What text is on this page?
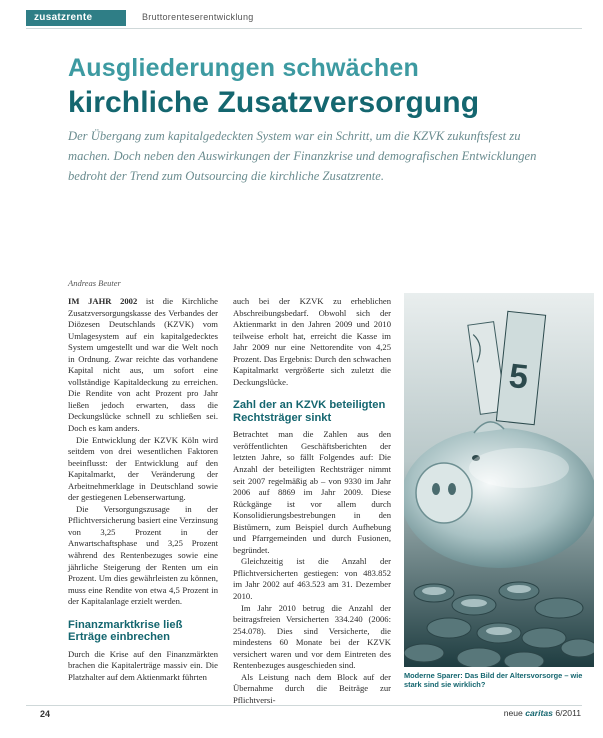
zusatzrente	Bruttorenteserentwicklung
Ausgliederungen schwächen
kirchliche Zusatzversorgung
Der Übergang zum kapitalgedeckten System war ein Schritt, um die KZVK zukunftsfest zu machen. Doch neben den Auswirkungen der Finanzkrise und demografischen Entwicklungen bedroht der Trend zum Outsourcing die kirchliche Zusatzrente.
Andreas Beuter

IM JAHR 2002 ist die Kirchliche Zusatzversorgungskasse des Verbandes der Diözesen Deutschlands (KZVK) vom Umlagesystem auf ein kapitalgedecktes System umgestellt und war die Welt noch in Ordnung. Zwar reichte das vorhandene Kapital nicht aus, um sofort eine vollständige Kapitaldeckung zu erreichen. Die Rendite von acht Prozent pro Jahr ließen jedoch erwarten, dass die Deckungslücke schnell zu schließen sei. Doch es kam anders.

Die Entwicklung der KZVK Köln wird seitdem von drei wesentlichen Faktoren beeinflusst: der Entwicklung auf den Kapitalmarkt, der Veränderung der Arbeitnehmerklage in Deutschland sowie der gestiegenen Lebenserwartung.

Die Versorgungszusage in der Pflichtversicherung basiert eine Verzinsung von 3,25 Prozent in der Anwartschaftsphase und 3,25 Prozent während des Rentenbezuges sowie eine jährliche Steigerung der Renten um ein Prozent. Um dies gewährleisten zu können, muss eine Rendite von etwa 4,5 Prozent in der Kapitalanlage erzielt werden.

Finanzmarktkrise ließ Erträge einbrechen

Durch die Krise auf den Finanzmärkten brachen die Kapitalerträge massiv ein. Die Platzhalter auf dem Aktienmarkt führten

auch bei der KZVK zu erheblichen Abschreibungsbedarf. Obwohl sich der Aktienmarkt in den Jahren 2009 und 2010 teilweise erholt hat, erreicht die Kasse im Jahr 2009 nur eine Nettorendite von 4,25 Prozent. Das Ergebnis: Durch den schwachen Kapitalmarkt vergrößerte sich zuletzt die Deckungslücke.

Zahl der an KZVK beteiligten Rechtsträger sinkt

Betrachtet man die Zahlen aus den veröffentlichten Geschäftsberichten der letzten Jahre, so fällt Folgendes auf: Die Anzahl der beteiligten Rechtsträger nimmt seit 2007 regelmäßig ab – von 9330 im Jahr 2006 auf 8869 im Jahr 2009. Diese Rückgänge ist vor allem durch Konsolidierungsbestrebungen in den Bistümern, zum Beispiel durch Aufhebung und Pfarrgemeinden und durch Fusionen, begründet.

Gleichzeitig ist die Anzahl der Pflichtversicherten gestiegen: von 483.852 im Jahr 2002 auf 463.523 am 31. Dezember 2010.

Im Jahr 2010 betrug die Anzahl der beitragsfreien Versicherten 334.240 (2006: 254.078). Dies sind Versicherte, die mindestens 60 Monate bei der KZVK versichert waren und vor dem Eintreten des Rentenbezuges ausgeschieden sind.

Als Leistung nach dem Block auf der Übernahme durch die Beiträge zur Pflichtversi-

5
Moderne Sparer: Das Bild der Altersvorsorge – wie stark sind sie wirklich?
24	neue caritas 6/2011
